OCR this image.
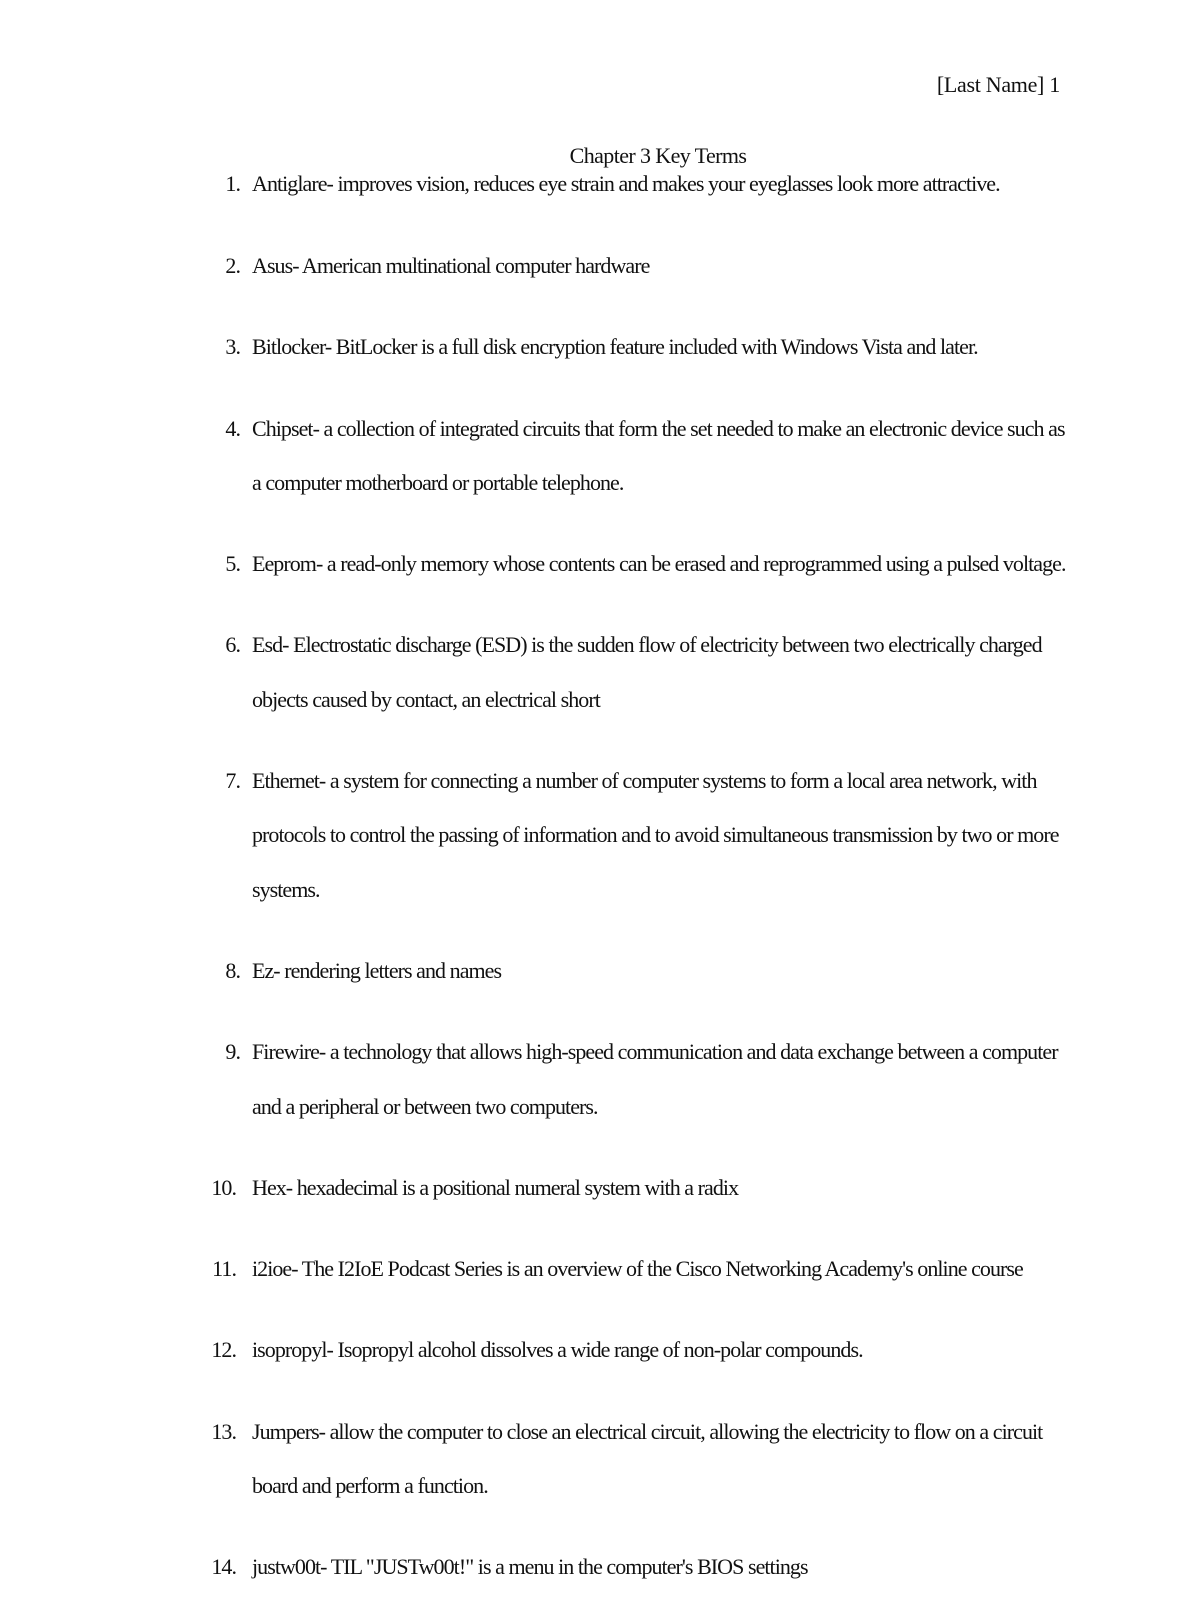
[Last Name] 1
Chapter 3 Key Terms
1. Antiglare- improves vision, reduces eye strain and makes your eyeglasses look more attractive.
2. Asus- American multinational computer hardware
3. Bitlocker- BitLocker is a full disk encryption feature included with Windows Vista and later.
4. Chipset- a collection of integrated circuits that form the set needed to make an electronic device such as a computer motherboard or portable telephone.
5. Eeprom- a read-only memory whose contents can be erased and reprogrammed using a pulsed voltage.
6. Esd- Electrostatic discharge (ESD) is the sudden flow of electricity between two electrically charged objects caused by contact, an electrical short
7. Ethernet- a system for connecting a number of computer systems to form a local area network, with protocols to control the passing of information and to avoid simultaneous transmission by two or more systems.
8. Ez- rendering letters and names
9. Firewire- a technology that allows high-speed communication and data exchange between a computer and a peripheral or between two computers.
10. Hex- hexadecimal is a positional numeral system with a radix
11. i2ioe- The I2IoE Podcast Series is an overview of the Cisco Networking Academy's online course
12. isopropyl- Isopropyl alcohol dissolves a wide range of non-polar compounds.
13. Jumpers- allow the computer to close an electrical circuit, allowing the electricity to flow on a circuit board and perform a function.
14. justw00t- TIL "JUSTw00t!" is a menu in the computer's BIOS settings
